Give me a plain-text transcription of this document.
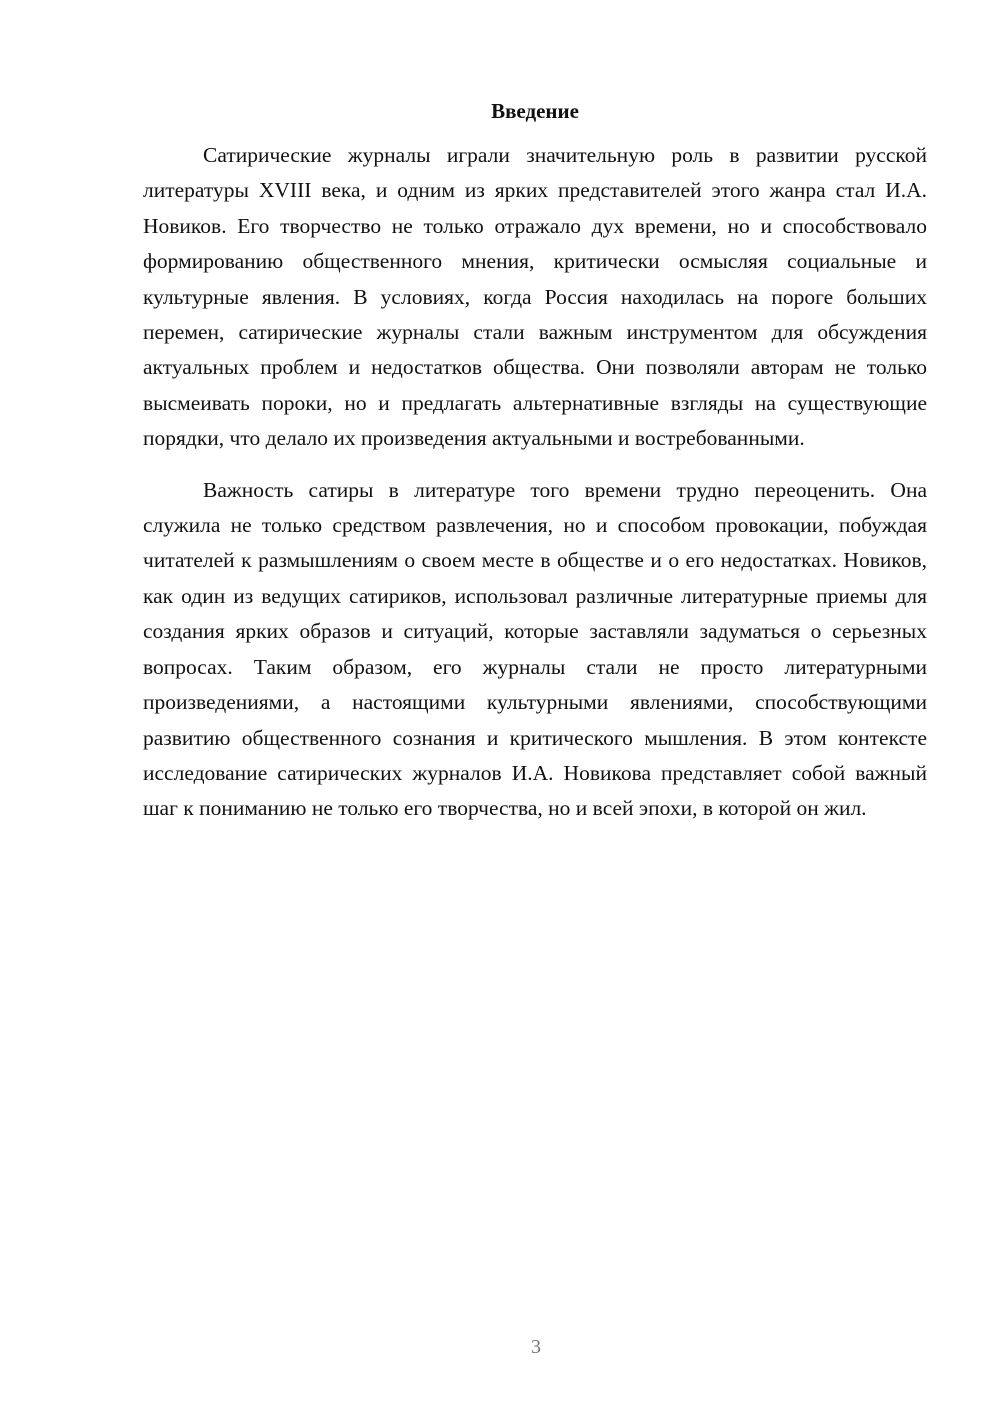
Введение

Сатирические журналы играли значительную роль в развитии русской литературы XVIII века, и одним из ярких представителей этого жанра стал И.А. Новиков. Его творчество не только отражало дух времени, но и способствовало формированию общественного мнения, критически осмысляя социальные и культурные явления. В условиях, когда Россия находилась на пороге больших перемен, сатирические журналы стали важным инструментом для обсуждения актуальных проблем и недостатков общества. Они позволяли авторам не только высмеивать пороки, но и предлагать альтернативные взгляды на существующие порядки, что делало их произведения актуальными и востребованными.

Важность сатиры в литературе того времени трудно переоценить. Она служила не только средством развлечения, но и способом провокации, побуждая читателей к размышлениям о своем месте в обществе и о его недостатках. Новиков, как один из ведущих сатириков, использовал различные литературные приемы для создания ярких образов и ситуаций, которые заставляли задуматься о серьезных вопросах. Таким образом, его журналы стали не просто литературными произведениями, а настоящими культурными явлениями, способствующими развитию общественного сознания и критического мышления. В этом контексте исследование сатирических журналов И.А. Новикова представляет собой важный шаг к пониманию не только его творчества, но и всей эпохи, в которой он жил.

3
